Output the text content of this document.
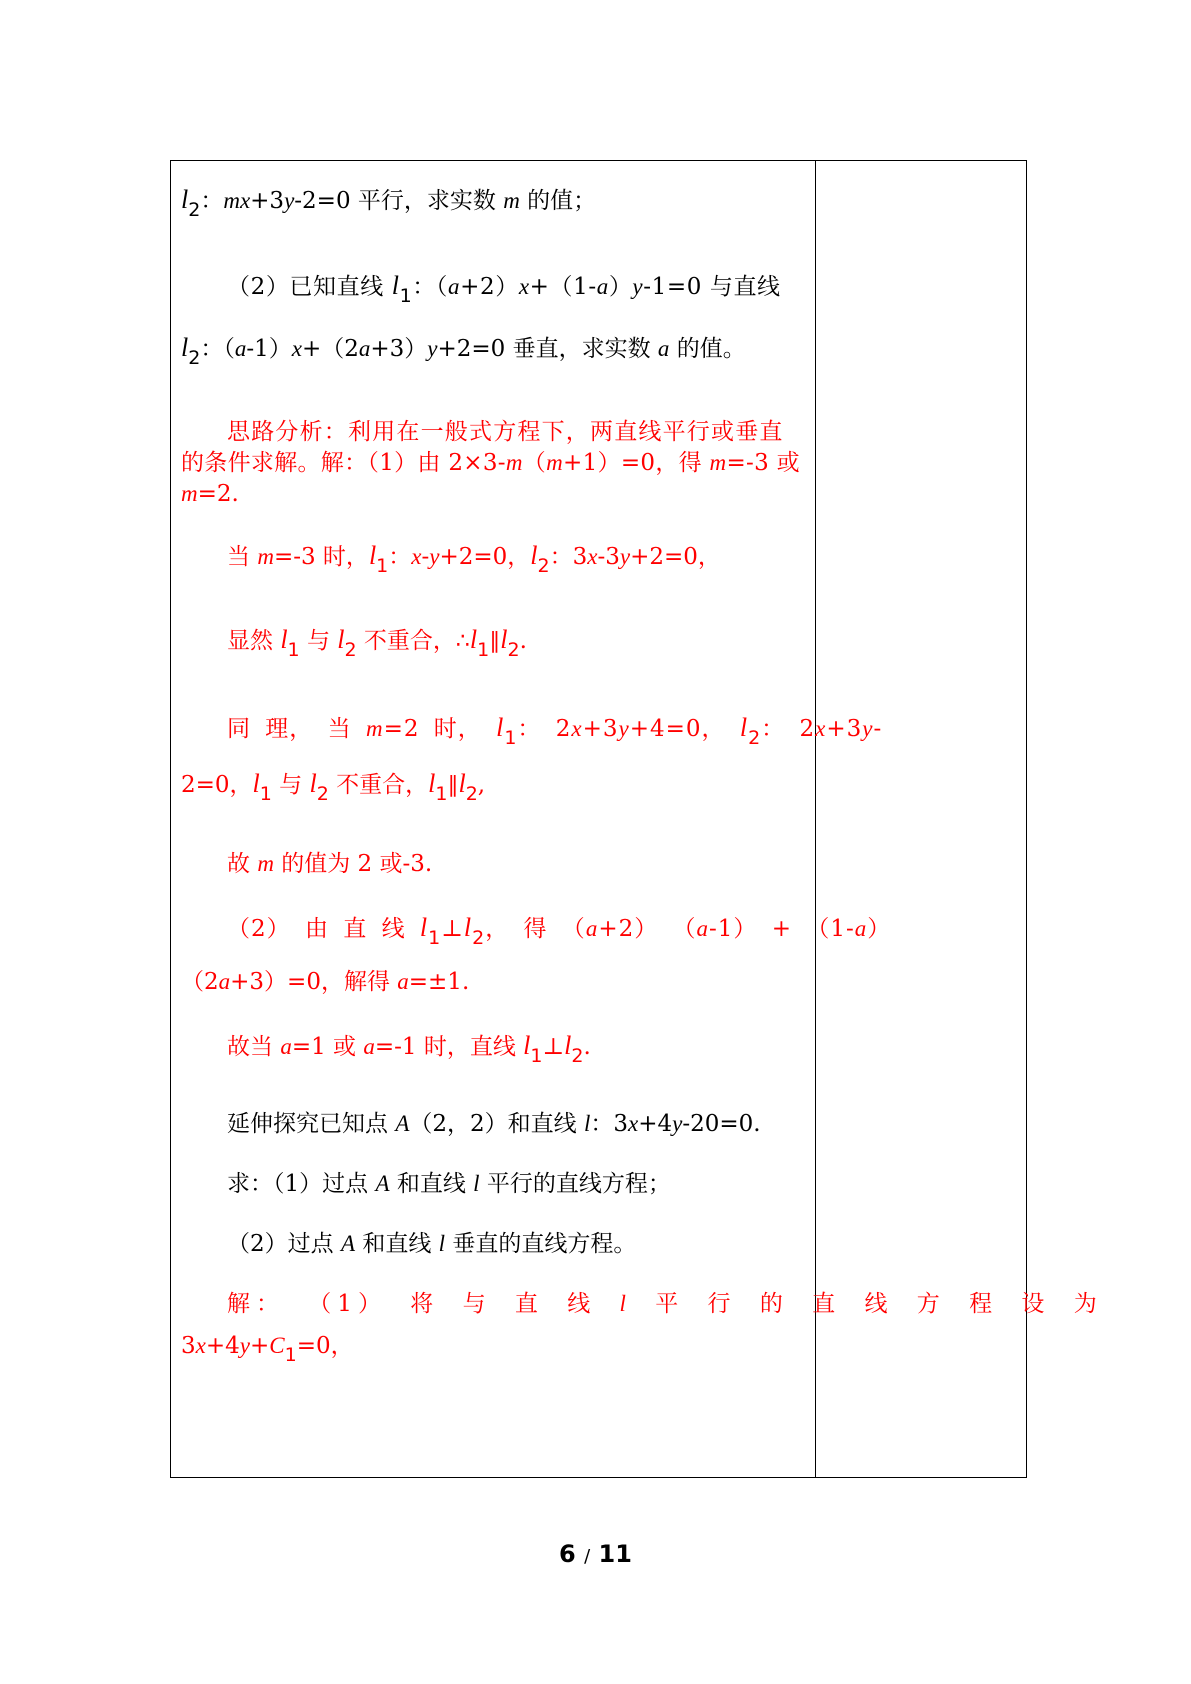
$l_2$：mx+3y-2=0 平行，求实数 m 的值；
（2）已知直线 $l_1$：（a+2）x+（1-a）y-1=0 与直线
$l_2$：（a-1）x+（2a+3）y+2=0 垂直，求实数 a 的值。
思路分析：利用在一般式方程下，两直线平行或垂直
的条件求解。解：（1）由 2×3-m（m+1）=0，得 m=-3 或
m=2.
当 m=-3 时，$l_1$：x-y+2=0，$l_2$：3x-3y+2=0，
显然 $l_1$ 与 $l_2$ 不重合，$\therefore l_1\parallel l_2$.
同 理， 当 m=2 时， $l_1$： 2x+3y+4=0， $l_2$： 2x+3y-
2=0，$l_1$ 与 $l_2$ 不重合，$l_1\parallel l_2$,
故 m 的值为 2 或-3.
（2） 由 直 线 $l_1\perp l_2$， 得 （a+2） （a-1） + （1-a）
（2a+3）=0，解得 a=±1.
故当 a=1 或 a=-1 时，直线 $l_1\perp l_2$.
延伸探究已知点 A（2，2）和直线 l：3x+4y-20=0.
求：（1）过点 A 和直线 l 平行的直线方程；
（2）过点 A 和直线 l 垂直的直线方程。
解： （1） 将 与 直 线 l 平 行 的 直 线 方 程 设 为
$3x+4y+C_1=0$，
6 / 11
